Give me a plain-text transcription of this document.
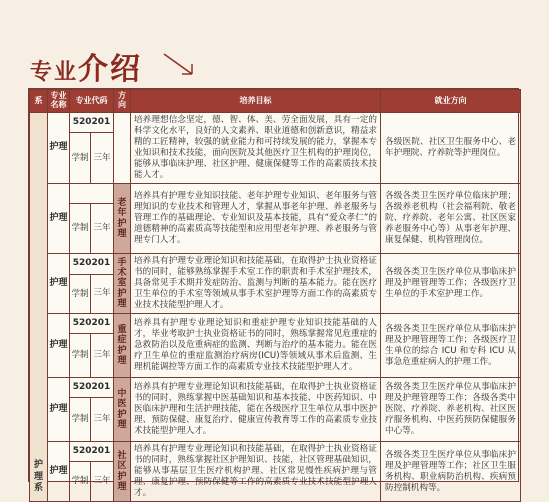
专业介绍
系	专业名称	专业代码		方向	培养目标	就业方向
护理系	护理	520201			培养理想信念坚定，德、智、体、美、劳全面发展，具有一定的科学文化水平，良好的人文素养、职业道德和创新意识，精益求精的工匠精神，较强的就业能力和可持续发展的能力，掌握本专业知识和技术技能，面向医院及其他医疗卫生机构的护理岗位，能够从事临床护理、社区护理、健康保健等工作的高素质技术技能人才。	各级医院、社区卫生服务中心、老年护理院、疗养院等护理岗位。
		学制	三年			
	护理			老年护理	培养具有护理专业知识技能、老年护理专业知识、老年服务与管理知识的专业技术和管理人才，掌握从事老年护理、养老服务与管理工作的基础理论、专业知识及基本技能，具有“爱众孝仁”的道德精神的高素质高等技能型和应用型老年护理、养老服务与管理专门人才。	各级各类卫生医疗单位临床护理；各级养老机构（社会福利院、敬老院、疗养院、老年公寓、社区医家养老服务中心等）从事老年护理、康复保健、机构管理岗位。
		学制	三年			
	护理	520201		手术室护理	培养具有护理专业理论知识和技能基础，在取得护士执业资格证书的同时，能够熟练掌握手术室工作的职责和手术室护理技术，具备常见手术期并发症防治、监测与判断的基本能力。能在医疗卫生单位的手术室等领域从事手术室护理等方面工作的高素质专业技术技能型护理人才。	各级各类卫生医疗单位从事临床护理及护理管理等工作；各级医疗卫生单位的手术室护理工作。
		学制	三年			
	护理	520201		重症护理	培养具有护理专业理论知识和重症护理专业知识技能基础的人才，毕业考取护士执业资格证书的同时，熟练掌握常见危重症的急救防治以及危重病症的监测、判断与治疗的基本能力。能在医疗卫生单位的重症监测治疗病房(ICU)等领域从事术后监测、生理机能调控等方面工作的高素质专业技术技能型护理人才。	各级各类卫生医疗单位从事临床护理及护理管理等工作；各级医疗卫生单位的综合 ICU 和专科 ICU 从事急危重症病人的护理工作。
		学制	三年			
	护理	520201		中医护理	培养具有护理专业理论知识和技能基础，在取得护士执业资格证书的同时，熟练掌握中医基础知识和基本技能、中医药知识、中医临床护理和生活护理技能，能在各级医疗卫生单位从事中医护理、预防保健、康复治疗、健康宣传教育等工作的高素质专业技术技能型护理人才。	各级各类卫生医疗单位从事临床护理及护理管理等工作；各级各类中医院、疗养院、养老机构、社区医疗服务机构、中医药预防保健服务中心等。
		学制	三年			
	护理	520201		社区护理	培养具有护理专业理论知识和技能基础，在取得护士执业资格证书的同时，熟练掌握社区护理知识、技能，社区管理基础知识，能够从事基层卫生医疗机构护理、社区常见慢性疾病护理与管理、康复护理、预防保健等工作的高素质专业技术技能型护理人才。	各级各类卫生医疗单位从事临床护理及护理管理等工作；社区卫生服务机构、职业病防治机构、疾病预防控制机构等。
		学制	三年			
